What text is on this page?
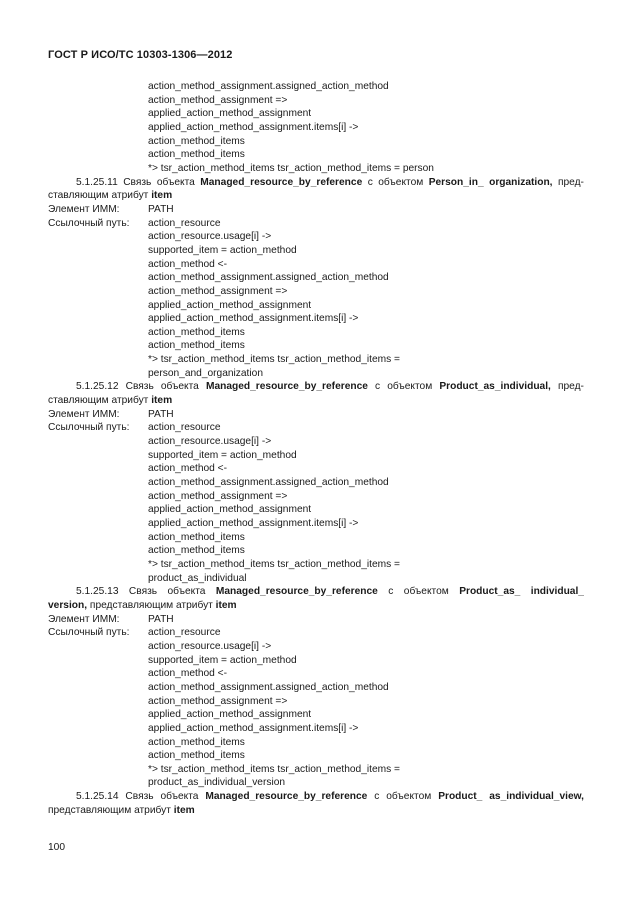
ГОСТ Р ИСО/ТС 10303-1306—2012
action_method_assignment.assigned_action_method
action_method_assignment =>
applied_action_method_assignment
applied_action_method_assignment.items[i] ->
action_method_items
action_method_items
*> tsr_action_method_items tsr_action_method_items = person
5.1.25.11 Связь объекта Managed_resource_by_reference с объектом Person_in_ organization, пред-
ставляющим атрибут item
Элемент ИММ:	PATH
Ссылочный путь:	action_resource
action_resource.usage[i] ->
supported_item = action_method
action_method <-
action_method_assignment.assigned_action_method
action_method_assignment =>
applied_action_method_assignment
applied_action_method_assignment.items[i] ->
action_method_items
action_method_items
*> tsr_action_method_items tsr_action_method_items =
person_and_organization
5.1.25.12 Связь объекта Managed_resource_by_reference с объектом Product_as_individual, пред-
ставляющим атрибут item
Элемент ИММ:	PATH
Ссылочный путь:	action_resource
action_resource.usage[i] ->
supported_item = action_method
action_method <-
action_method_assignment.assigned_action_method
action_method_assignment =>
applied_action_method_assignment
applied_action_method_assignment.items[i] ->
action_method_items
action_method_items
*> tsr_action_method_items tsr_action_method_items =
product_as_individual
5.1.25.13 Связь объекта Managed_resource_by_reference с объектом Product_as_ individual_
version, представляющим атрибут item
Элемент ИММ:	PATH
Ссылочный путь:	action_resource
action_resource.usage[i] ->
supported_item = action_method
action_method <-
action_method_assignment.assigned_action_method
action_method_assignment =>
applied_action_method_assignment
applied_action_method_assignment.items[i] ->
action_method_items
action_method_items
*> tsr_action_method_items tsr_action_method_items =
product_as_individual_version
5.1.25.14 Связь объекта Managed_resource_by_reference с объектом Product_ as_individual_view,
представляющим атрибут item
100
